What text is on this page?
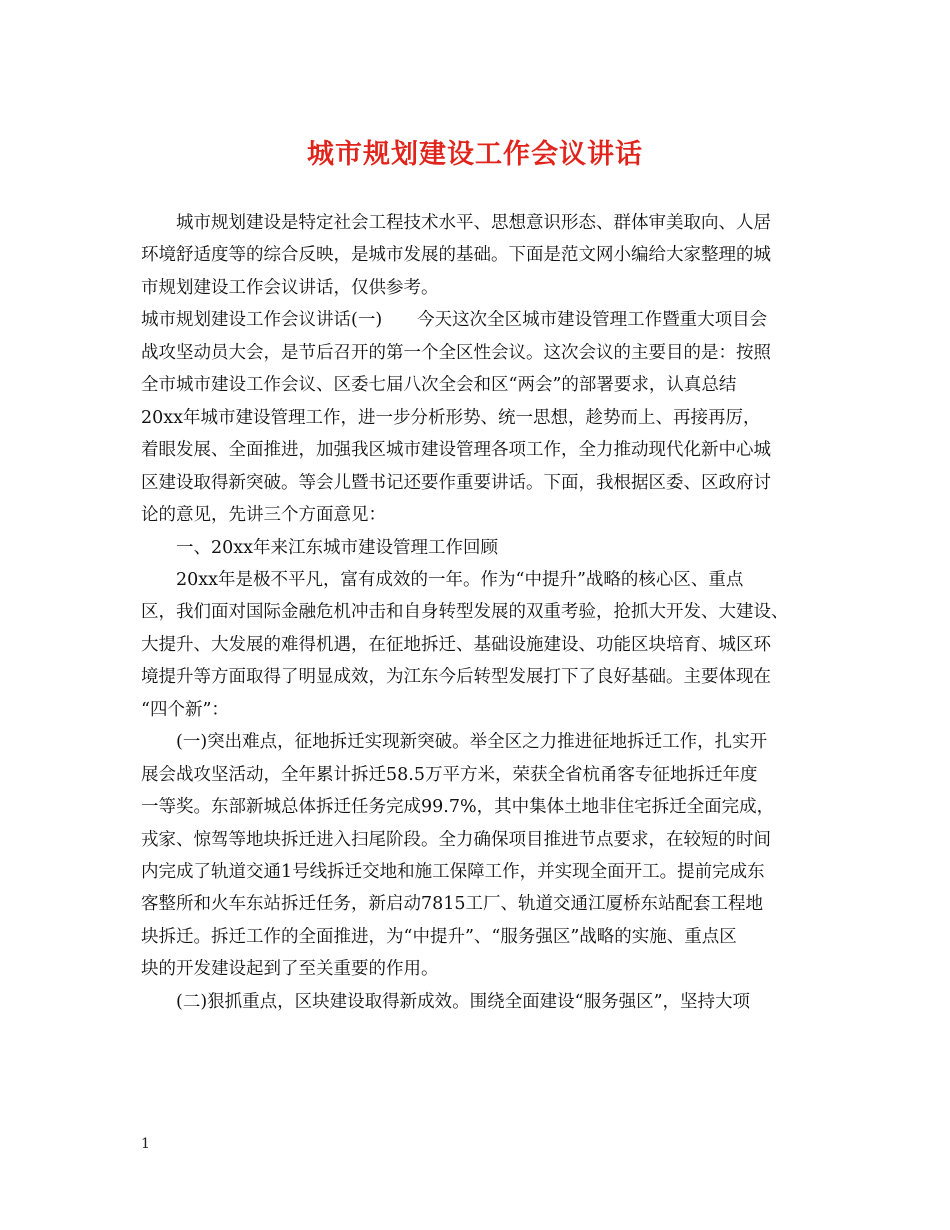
城市规划建设工作会议讲话
　　城市规划建设是特定社会工程技术水平、思想意识形态、群体审美取向、人居
环境舒适度等的综合反映，是城市发展的基础。下面是范文网小编给大家整理的城
市规划建设工作会议讲话，仅供参考。
城市规划建设工作会议讲话(一)　　今天这次全区城市建设管理工作暨重大项目会
战攻坚动员大会，是节后召开的第一个全区性会议。这次会议的主要目的是：按照
全市城市建设工作会议、区委七届八次全会和区“两会”的部署要求，认真总结
20xx年城市建设管理工作，进一步分析形势、统一思想，趁势而上、再接再厉，
着眼发展、全面推进，加强我区城市建设管理各项工作，全力推动现代化新中心城
区建设取得新突破。等会儿暨书记还要作重要讲话。下面，我根据区委、区政府讨
论的意见，先讲三个方面意见：
　　一、20xx年来江东城市建设管理工作回顾
　　20xx年是极不平凡，富有成效的一年。作为“中提升”战略的核心区、重点
区，我们面对国际金融危机冲击和自身转型发展的双重考验，抢抓大开发、大建设、
大提升、大发展的难得机遇，在征地拆迁、基础设施建设、功能区块培育、城区环
境提升等方面取得了明显成效，为江东今后转型发展打下了良好基础。主要体现在
“四个新”：
　　(一)突出难点，征地拆迁实现新突破。举全区之力推进征地拆迁工作，扎实开
展会战攻坚活动，全年累计拆迁58.5万平方米，荣获全省杭甬客专征地拆迁年度
一等奖。东部新城总体拆迁任务完成99.7%，其中集体土地非住宅拆迁全面完成，
戎家、惊驾等地块拆迁进入扫尾阶段。全力确保项目推进节点要求，在较短的时间
内完成了轨道交通1号线拆迁交地和施工保障工作，并实现全面开工。提前完成东
客整所和火车东站拆迁任务，新启动7815工厂、轨道交通江厦桥东站配套工程地
块拆迁。拆迁工作的全面推进，为“中提升”、“服务强区”战略的实施、重点区
块的开发建设起到了至关重要的作用。
　　(二)狠抓重点，区块建设取得新成效。围绕全面建设“服务强区”，坚持大项
1
